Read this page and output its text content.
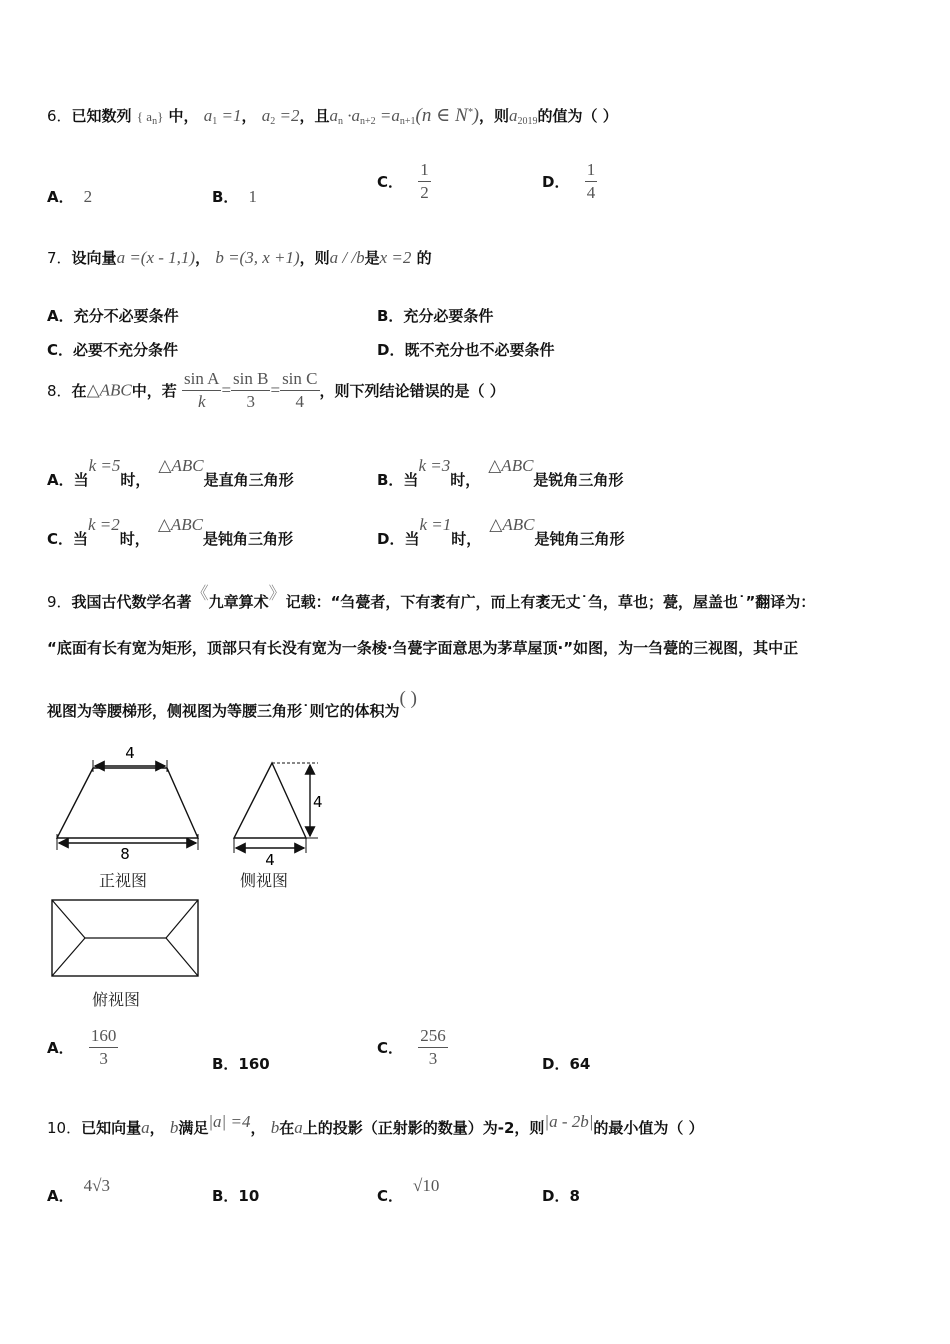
6．已知数列 { $a_n$} 中， $a_1 =1$， $a_2 =2$，且$a_n \cdot a_{n+2} =a_{n+1}(n$ ∈ N*)，则$a_{2019}$的值为（ ）
A． 2	B． 1
C． $\frac{1}{2}$	D． $\frac{1}{4}$
7．设向量a =(x - 1,1)， b =(3, x +1)，则a / /b是x =2 的
A．充分不必要条件	B．充分必要条件
C．必要不充分条件	D．既不充分也不必要条件
8．在△ABC中，若 $\frac{\text{sin A}}{k} = \frac{\text{sin B}}{3} = \frac{\text{sin C}}{4}$ ，则下列结论错误的是（ ）
A．当k =5时，△ABC是直角三角形	B．当k =3时，△ABC是锐角三角形
C．当k =2时，△ABC是钝角三角形	D．当k =1时，△ABC是钝角三角形
9．我国古代数学名著《九章算术》记载：“刍甍者，下有袤有广，而上有袤无丈˙刍，草也；甍，屋盖也˙”翻译为：
“底面有长有宽为矩形，顶部只有长没有宽为一条棱·刍甍字面意思为茅草屋顶·”如图，为一刍甍的三视图，其中正
视图为等腰梯形，侧视图为等腰三角形˙则它的体积为( )
4
8
4
4
正视图	侧视图
俯视图
A． $\frac{160}{3}$	B．160
C． $\frac{256}{3}$	D．64
10．已知向量a， b满足|a| =4， b在a上的投影（正射影的数量）为-2，则|a - 2b|的最小值为（ ）
A．4√3
B．10	C．√10
D．8
